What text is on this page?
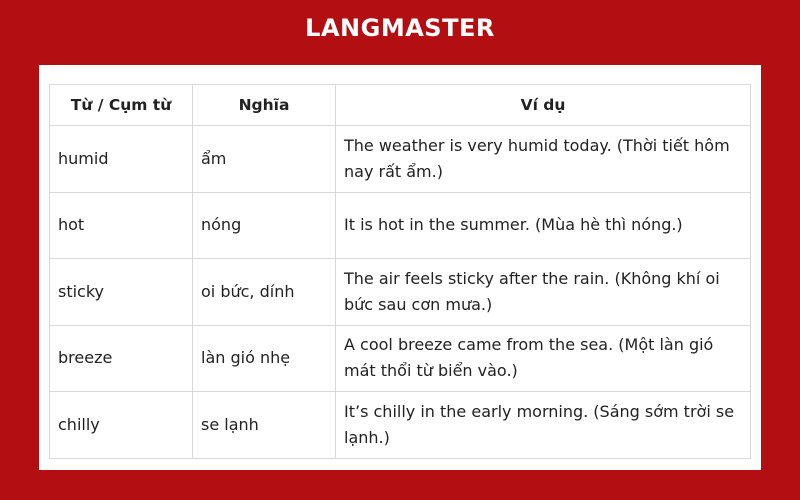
LANGMASTER
Từ / Cụm từ	Nghĩa	Ví dụ
humid	ẩm	The weather is very humid today. (Thời tiết hôm nay rất ẩm.)
hot	nóng	It is hot in the summer. (Mùa hè thì nóng.)
sticky	oi bức, dính	The air feels sticky after the rain. (Không khí oi bức sau cơn mưa.)
breeze	làn gió nhẹ	A cool breeze came from the sea. (Một làn gió mát thổi từ biển vào.)
chilly	se lạnh	It’s chilly in the early morning. (Sáng sớm trời se lạnh.)
